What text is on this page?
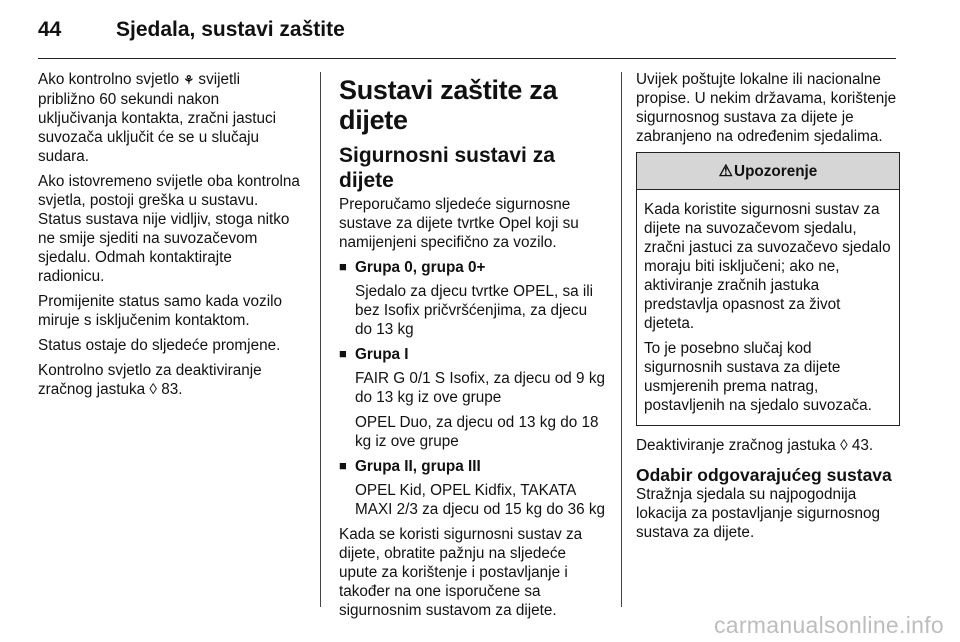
44	Sjedala, sustavi zaštite

Ako kontrolno svjetlo ⚘ svijetli približno 60 sekundi nakon uključivanja kontakta, zračni jastuci suvozača uključit će se u slučaju sudara.

Ako istovremeno svijetle oba kontrolna svjetla, postoji greška u sustavu. Status sustava nije vidljiv, stoga nitko ne smije sjediti na suvozačevom sjedalu. Odmah kontaktirajte radionicu.

Promijenite status samo kada vozilo miruje s isključenim kontaktom.

Status ostaje do sljedeće promjene.

Kontrolno svjetlo za deaktiviranje zračnog jastuka ◊ 83.

Sustavi zaštite za dijete
Sigurnosni sustavi za dijete

Preporučamo sljedeće sigurnosne sustave za dijete tvrtke Opel koji su namijenjeni specifično za vozilo.

■ Grupa 0, grupa 0+

Sjedalo za djecu tvrtke OPEL, sa ili bez Isofix pričvršćenjima, za djecu do 13 kg

■ Grupa I

FAIR G 0/1 S Isofix, za djecu od 9 kg do 13 kg iz ove grupe

OPEL Duo, za djecu od 13 kg do 18 kg iz ove grupe

■ Grupa II, grupa III

OPEL Kid, OPEL Kidfix, TAKATA MAXI 2/3 za djecu od 15 kg do 36 kg

Kada se koristi sigurnosni sustav za dijete, obratite pažnju na sljedeće upute za korištenje i postavljanje i također na one isporučene sa sigurnosnim sustavom za dijete.

Uvijek poštujte lokalne ili nacionalne propise. U nekim državama, korištenje sigurnosnog sustava za dijete je zabranjeno na određenim sjedalima.

⚠ Upozorenje

Kada koristite sigurnosni sustav za dijete na suvozačevom sjedalu, zračni jastuci za suvozačevo sjedalo moraju biti isključeni; ako ne, aktiviranje zračnih jastuka predstavlja opasnost za život djeteta.

To je posebno slučaj kod sigurnosnih sustava za dijete usmjerenih prema natrag, postavljenih na sjedalo suvozača.

Deaktiviranje zračnog jastuka ◊ 43.

Odabir odgovarajućeg sustava

Stražnja sjedala su najpogodnija lokacija za postavljanje sigurnosnog sustava za dijete.

carmanualsonline.info
